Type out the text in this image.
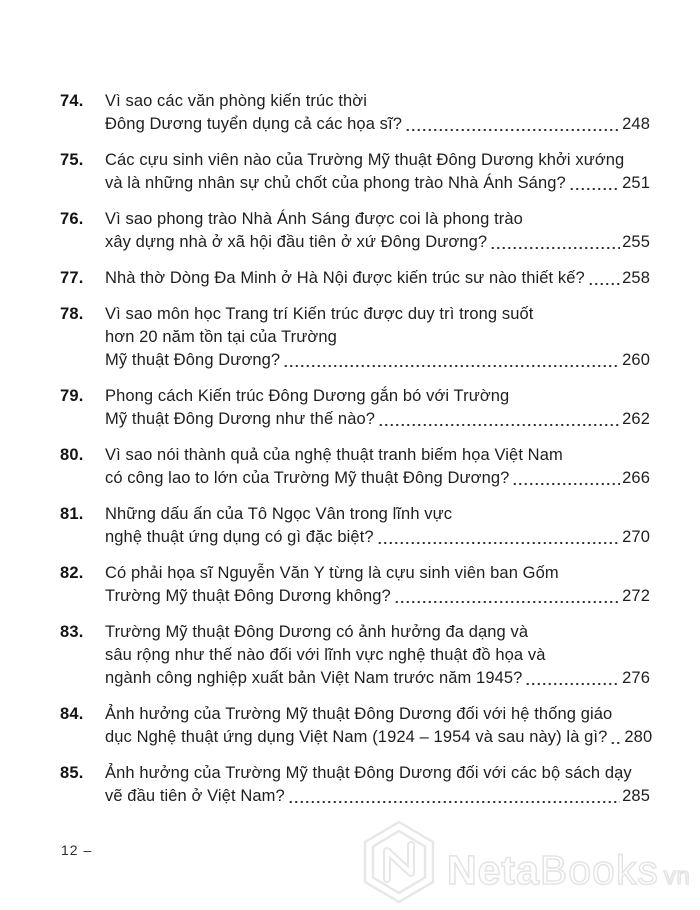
74.	Vì sao các văn phòng kiến trúc thời
Đông Dương tuyển dụng cả các họa sĩ?	248
75.	Các cựu sinh viên nào của Trường Mỹ thuật Đông Dương khởi xướng
và là những nhân sự chủ chốt của phong trào Nhà Ánh Sáng?	251
76.	Vì sao phong trào Nhà Ánh Sáng được coi là phong trào
xây dựng nhà ở xã hội đầu tiên ở xứ Đông Dương?	255
77.	Nhà thờ Dòng Đa Minh ở Hà Nội được kiến trúc sư nào thiết kế? 258
78.	Vì sao môn học Trang trí Kiến trúc được duy trì trong suốt
hơn 20 năm tồn tại của Trường
Mỹ thuật Đông Dương?	260
79.	Phong cách Kiến trúc Đông Dương gắn bó với Trường
Mỹ thuật Đông Dương như thế nào?	262
80.	Vì sao nói thành quả của nghệ thuật tranh biếm họa Việt Nam
có công lao to lớn của Trường Mỹ thuật Đông Dương?	266
81.	Những dấu ấn của Tô Ngọc Vân trong lĩnh vực
nghệ thuật ứng dụng có gì đặc biệt?	270
82.	Có phải họa sĩ Nguyễn Văn Y từng là cựu sinh viên ban Gốm
Trường Mỹ thuật Đông Dương không?	272
83.	Trường Mỹ thuật Đông Dương có ảnh hưởng đa dạng và
sâu rộng như thế nào đối với lĩnh vực nghệ thuật đồ họa và
ngành công nghiệp xuất bản Việt Nam trước năm 1945?	276
84.	Ảnh hưởng của Trường Mỹ thuật Đông Dương đối với hệ thống giáo
dục Nghệ thuật ứng dụng Việt Nam (1924 – 1954 và sau này) là gì? 280
85.	Ảnh hưởng của Trường Mỹ thuật Đông Dương đối với các bộ sách dạy
vẽ đầu tiên ở Việt Nam?	285
12 –	NetaBooks vn
